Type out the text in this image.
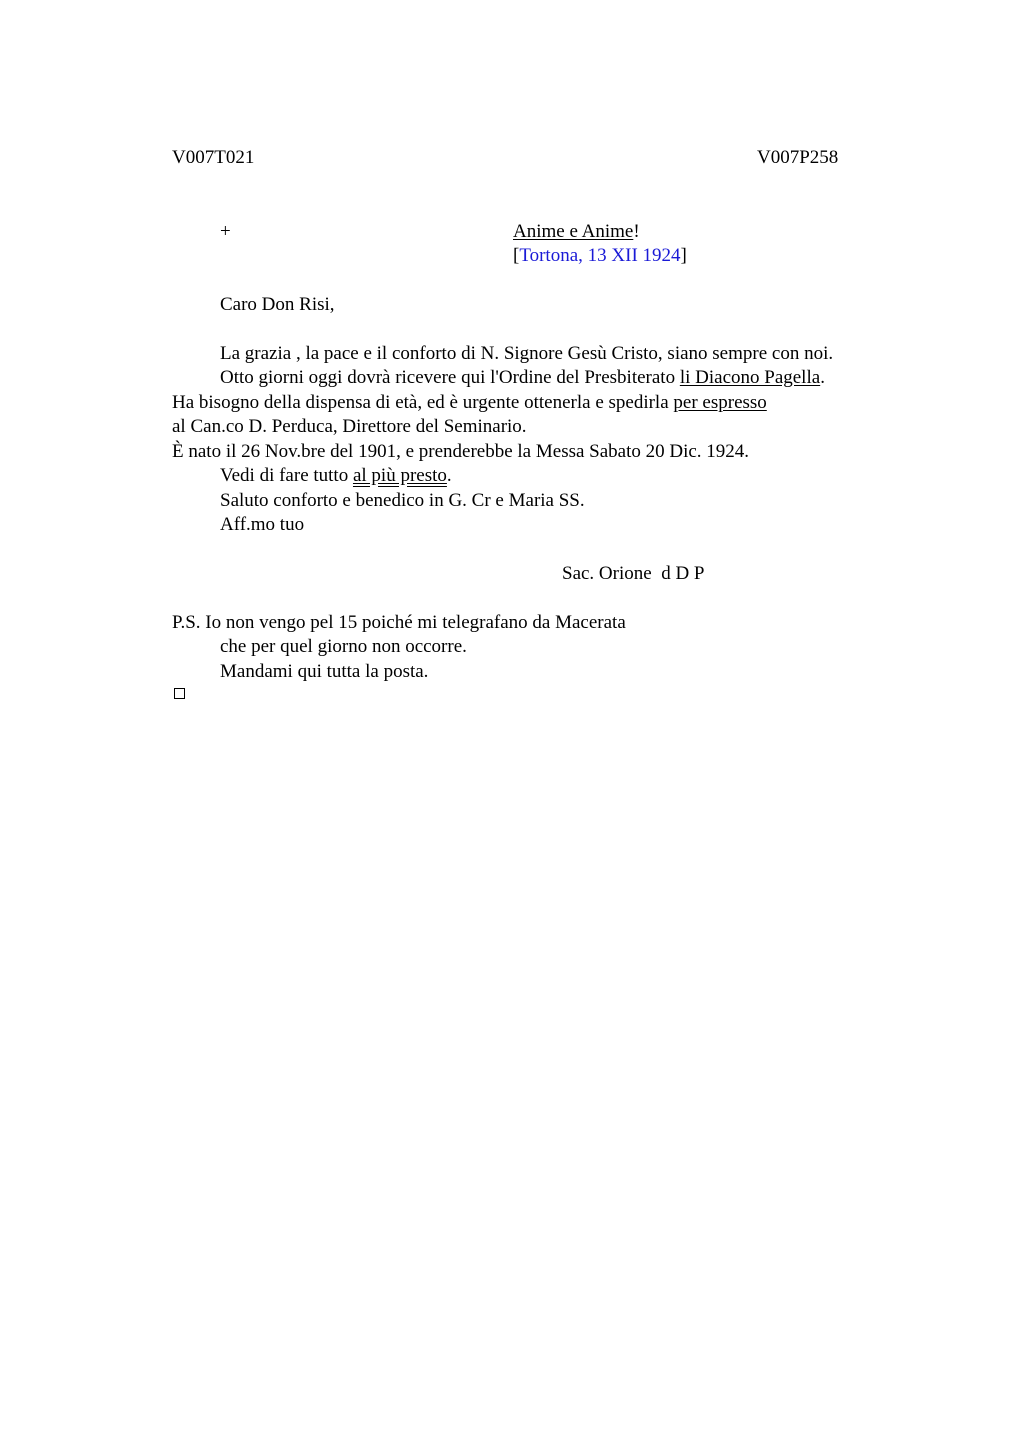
V007T021	V007P258
+	Anime e Anime!
[Tortona, 13 XII 1924]
Caro Don Risi,
La grazia , la pace e il conforto di N. Signore Gesù Cristo, siano sempre con noi.
Otto giorni oggi dovrà ricevere qui l'Ordine del Presbiterato li Diacono Pagella.
Ha bisogno della dispensa di età, ed è urgente ottenerla e spedirla per espresso
al Can.co D. Perduca, Direttore del Seminario.
È nato il 26 Nov.bre del 1901, e prenderebbe la Messa Sabato 20 Dic. 1924.
Vedi di fare tutto al più presto.
Saluto conforto e benedico in G. Cr e Maria SS.
Aff.mo tuo
Sac. Orione  d D P
P.S. Io non vengo pel 15 poiché mi telegrafano da Macerata
che per quel giorno non occorre.
Mandami qui tutta la posta.
